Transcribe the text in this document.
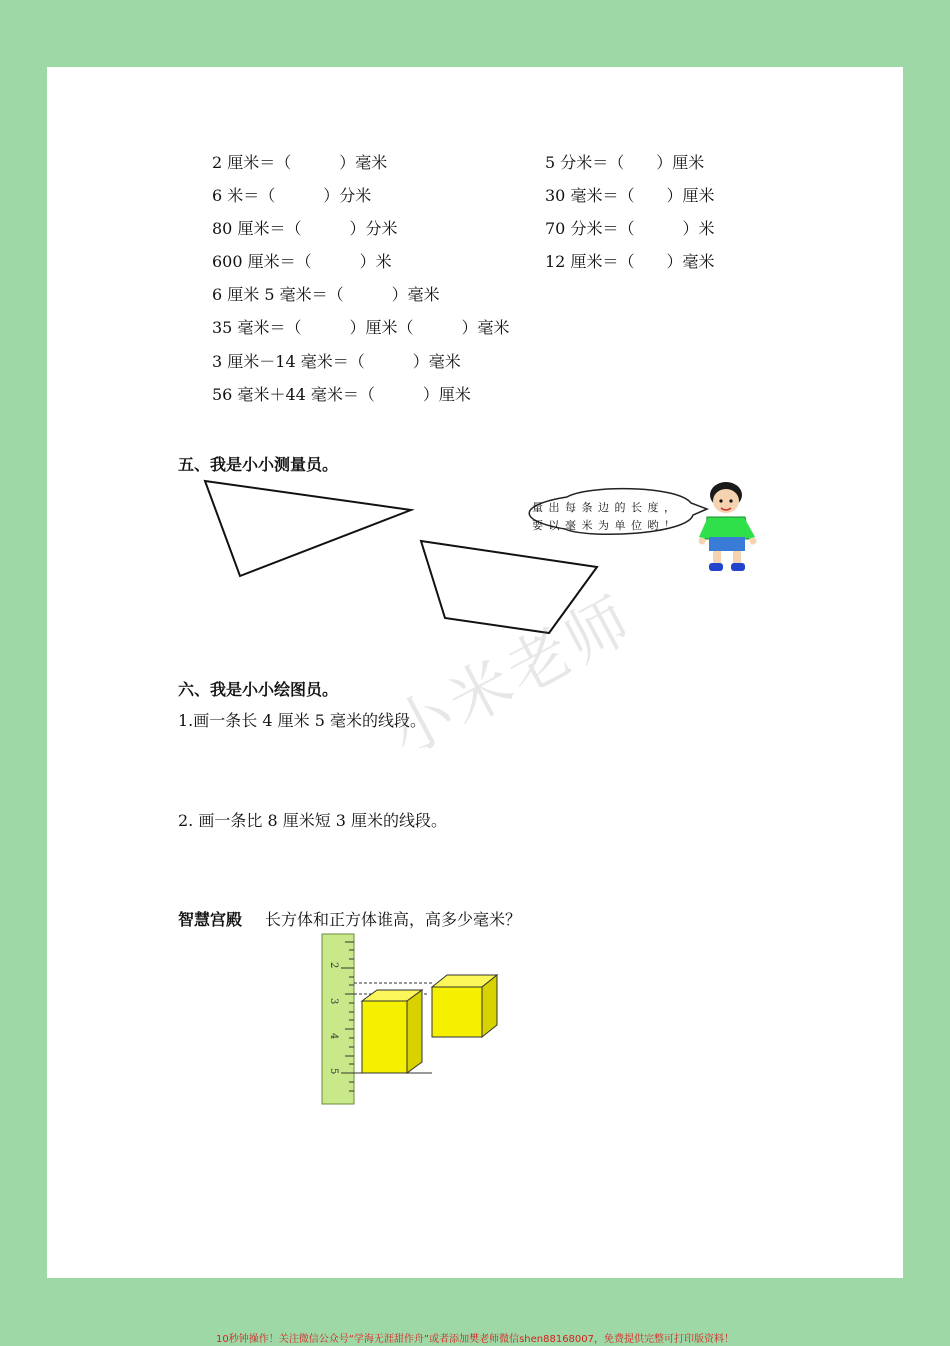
2 厘米＝（　　　）毫米
6 米＝（　　　）分米
80 厘米＝（　　　）分米
600 厘米＝（　　　）米
6 厘米 5 毫米＝（　　　）毫米
35 毫米＝（　　　）厘米（　　　）毫米
3 厘米－14 毫米＝（　　　）毫米
56 毫米＋44 毫米＝（　　　）厘米
5 分米＝（　　）厘米
30 毫米＝（　　）厘米
70 分米＝（　　　）米
12 厘米＝（　　）毫米
五、我是小小测量员。
量 出 每 条 边 的 长 度 ，
要 以 毫 米 为 单 位 哟 ！
小米老师
六、我是小小绘图员。
1.画一条长 4 厘米 5 毫米的线段。
2. 画一条比 8 厘米短 3 厘米的线段。
智慧宫殿 长方体和正方体谁高，高多少毫米？
2
3
4
5
10秒钟操作！关注微信公众号“学海无涯甜作舟”或者添加樊老师微信shen88168007，免费提供完整可打印版资料！
